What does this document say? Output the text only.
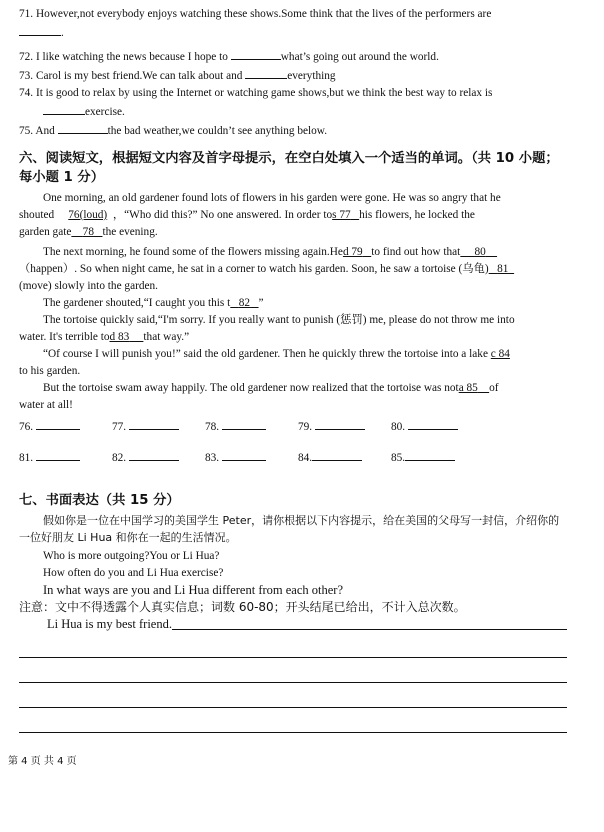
71. However,not everybody enjoys watching these shows.Some think that the lives of the performers are

.

72. I like watching the news because I hope to	what’s going out around the world.

73. Carol is my best friend.We can talk about and	everything

74. It is good to relax by using the Internet or watching game shows,but we think the best way to relax is

exercise.

75. And	the bad weather,we couldn’t see anything below.

六、阅读短文，根据短文内容及首字母提示，在空白处填入一个适当的单词。（共 10 小题；每小题 1 分）

One morning, an old gardener found lots of flowers in his garden were gone. He was so angry that he

shouted 76(loud) ，“Who did this?” No one answered. In order tos 77 his flowers, he locked the

garden gate 78 the evening.

The next morning, he found some of the flowers missing again.Hed 79 to find out how that 80

（happen）. So when night came, he sat in a corner to watch his garden. Soon, he saw a tortoise (乌龟) 81

(move) slowly into the garden.

The gardener shouted,“I caught you this t 82 ”

The tortoise quickly said,“I'm sorry. If you really want to punish (惩罚) me, please do not throw me into

water. It's terrible tod 83 that way.”

“Of course I will punish you!” said the old gardener. Then he quickly threw the tortoise into a lake c 84

to his garden.

But the tortoise swam away happily. The old gardener now realized that the tortoise was nota 85 of

water at all!

76.	77.	78.	79.	80.
81.	82.	83.	84.	85.

七、书面表达（共 15 分）

假如你是一位在中国学习的美国学生 Peter，请你根据以下内容提示，给在美国的父母写一封信，介绍你的一位好朋友 Li Hua 和你在一起的生活情况。

Who is more outgoing?You or Li Hua?

How often do you and Li Hua exercise?

In what ways are you and Li Hua different from each other?

注意：文中不得透露个人真实信息；词数 60-80；开头结尾已给出，不计入总次数。

Li Hua is my best friend.

第 4 页 共 4 页
